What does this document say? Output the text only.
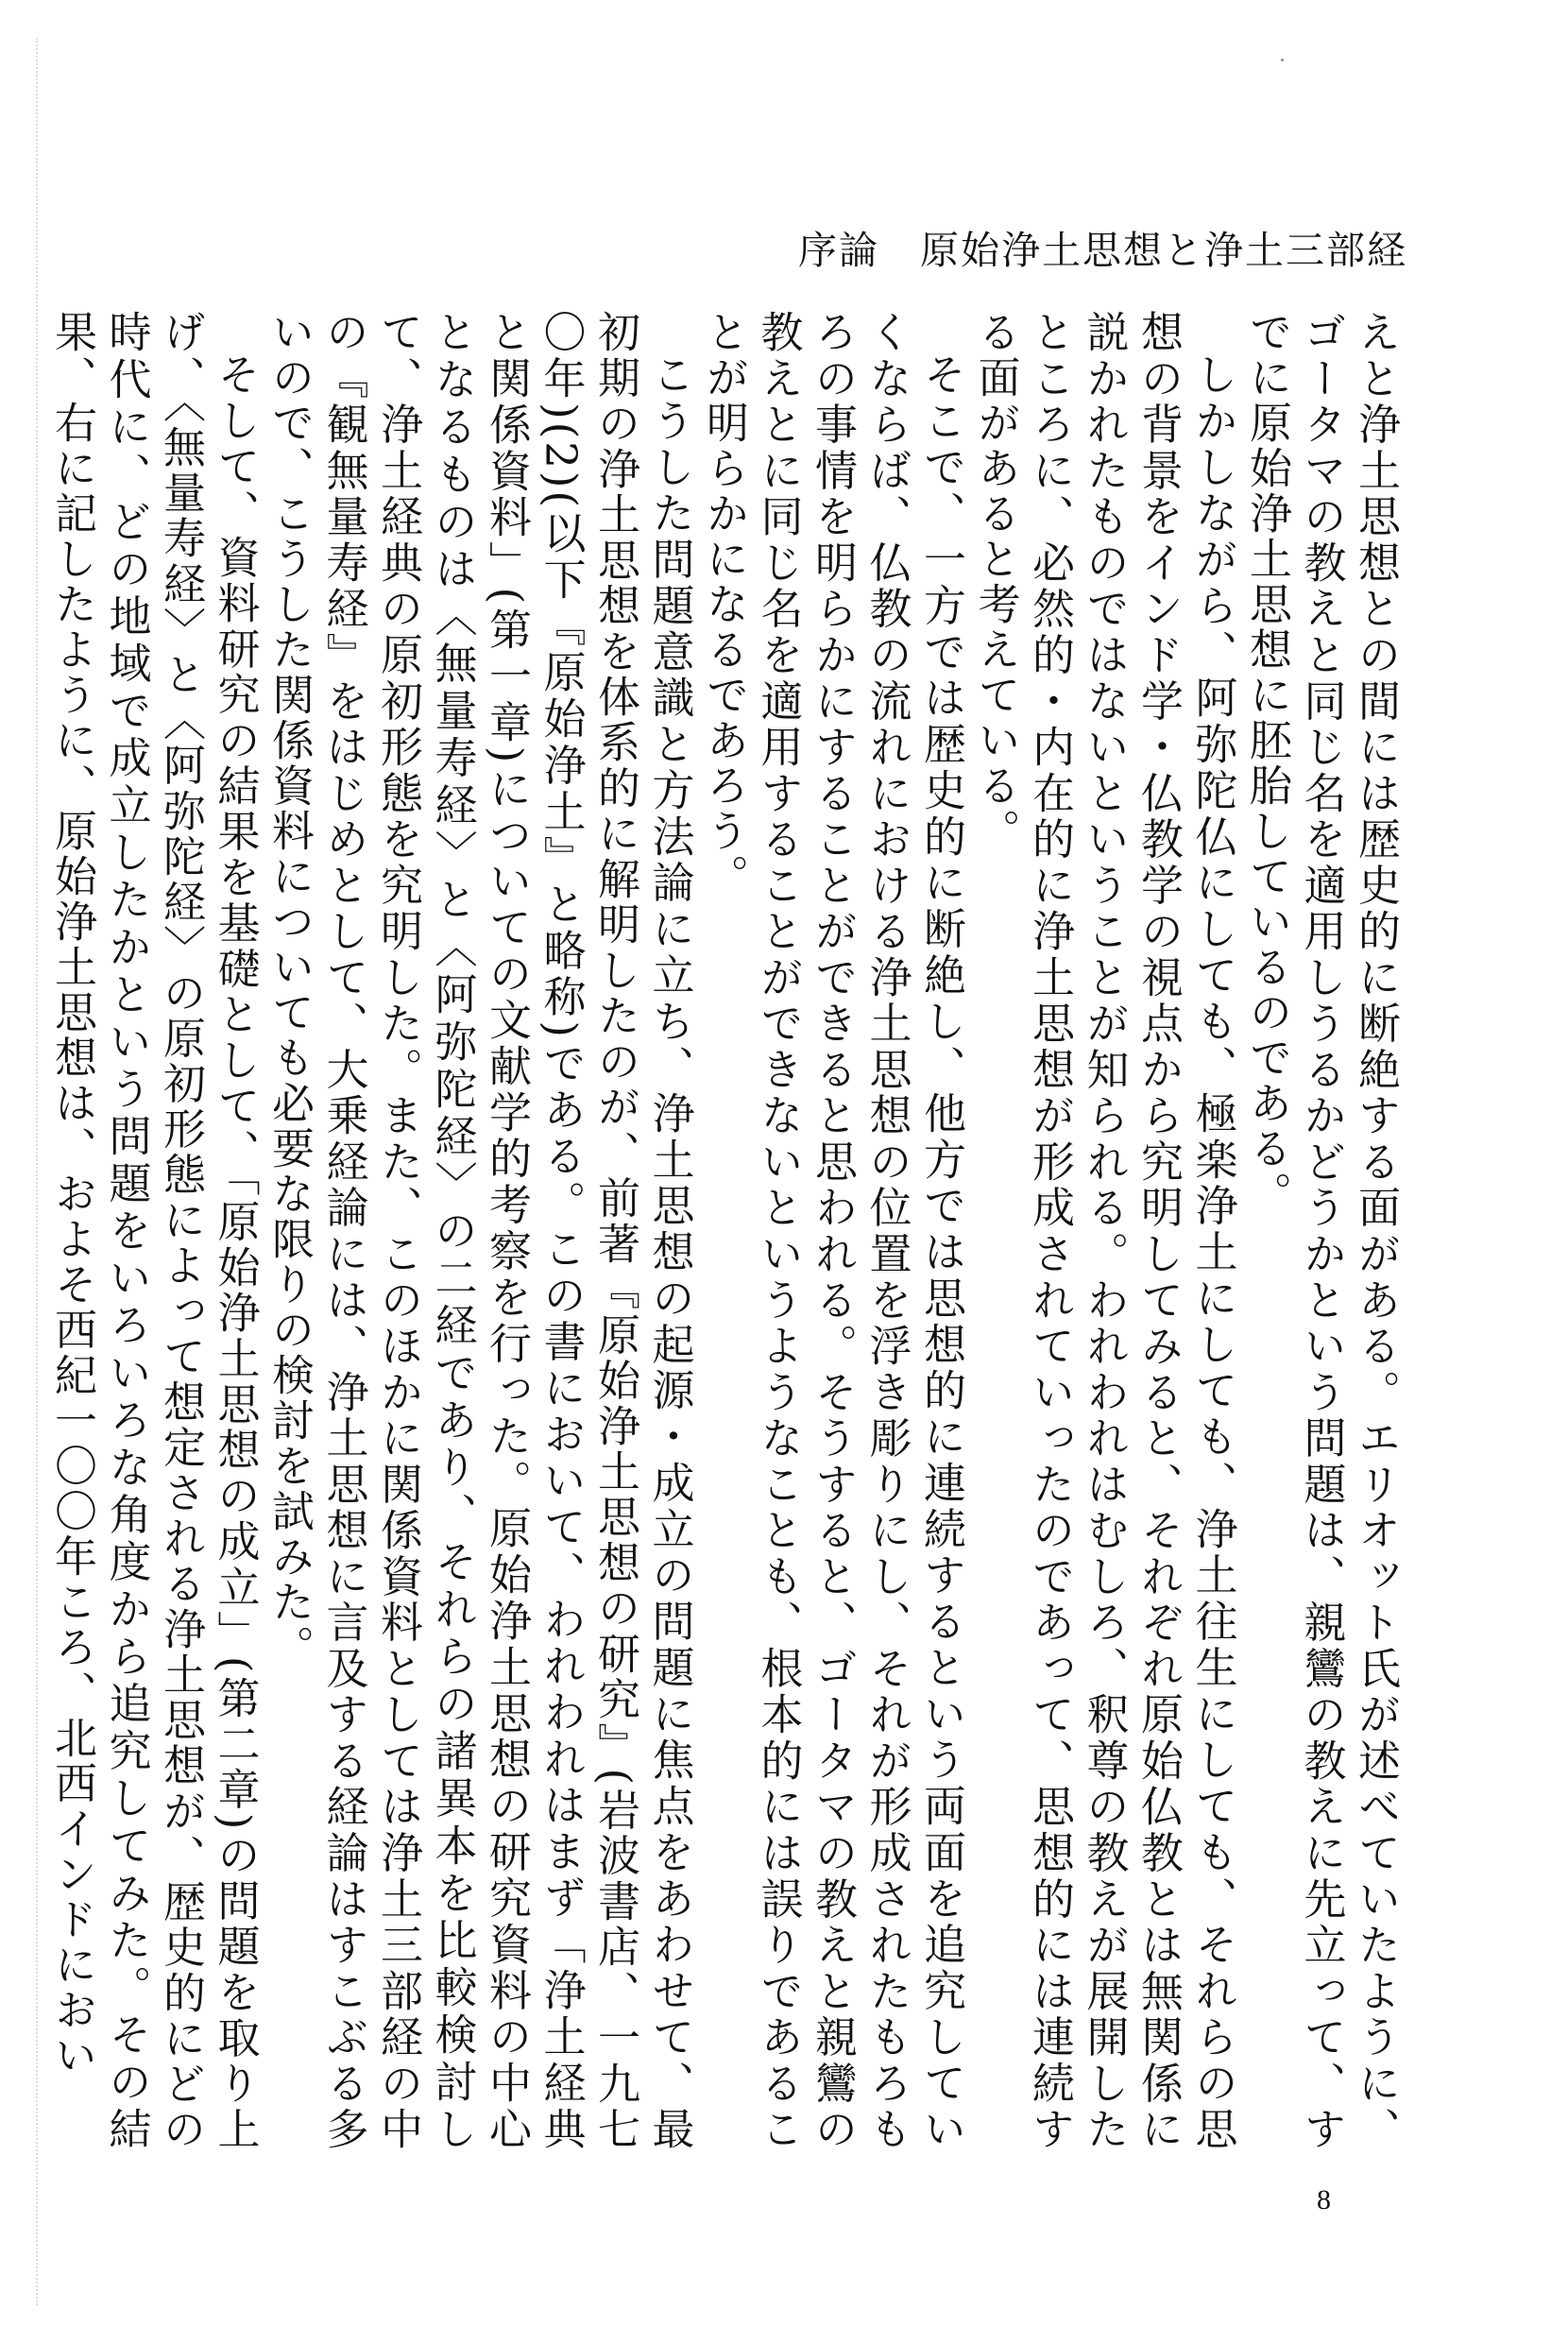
序論　原始浄土思想と浄土三部経

えと浄土思想との間には歴史的に断絶する面がある。エリオット氏が述べていたように、ゴータマの教えと同じ名を適用しうるかどうかという問題は、親鸞の教えに先立って、すでに原始浄土思想に胚胎しているのである。

しかしながら、阿弥陀仏にしても、極楽浄土にしても、浄土往生にしても、それらの思想の背景をインド学・仏教学の視点から究明してみると、それぞれ原始仏教とは無関係に説かれたものではないということが知られる。われわれはむしろ、釈尊の教えが展開したところに、必然的・内在的に浄土思想が形成されていったのであって、思想的には連続する面があると考えている。

そこで、一方では歴史的に断絶し、他方では思想的に連続するという両面を追究していくならば、仏教の流れにおける浄土思想の位置を浮き彫りにし、それが形成されたもろもろの事情を明らかにすることができると思われる。そうすると、ゴータマの教えと親鸞の教えとに同じ名を適用することができないというようなことも、根本的には誤りであることが明らかになるであろう。

こうした問題意識と方法論に立ち、浄土思想の起源・成立の問題に焦点をあわせて、最初期の浄土思想を体系的に解明したのが、前著『原始浄土思想の研究』(岩波書店、一九七〇年)(2)(以下『原始浄土』と略称)である。この書において、われわれはまず「浄土経典と関係資料」(第一章)についての文献学的考察を行った。原始浄土思想の研究資料の中心となるものは〈無量寿経〉と〈阿弥陀経〉の二経であり、それらの諸異本を比較検討して、浄土経典の原初形態を究明した。また、このほかに関係資料としては浄土三部経の中の『観無量寿経』をはじめとして、大乗経論には、浄土思想に言及する経論はすこぶる多いので、こうした関係資料についても必要な限りの検討を試みた。

そして、資料研究の結果を基礎として、「原始浄土思想の成立」(第二章)の問題を取り上げ、〈無量寿経〉と〈阿弥陀経〉の原初形態によって想定される浄土思想が、歴史的にどの時代に、どの地域で成立したかという問題をいろいろな角度から追究してみた。その結果、右に記したように、原始浄土思想は、およそ西紀一〇〇年ころ、北西インドにおい

8
